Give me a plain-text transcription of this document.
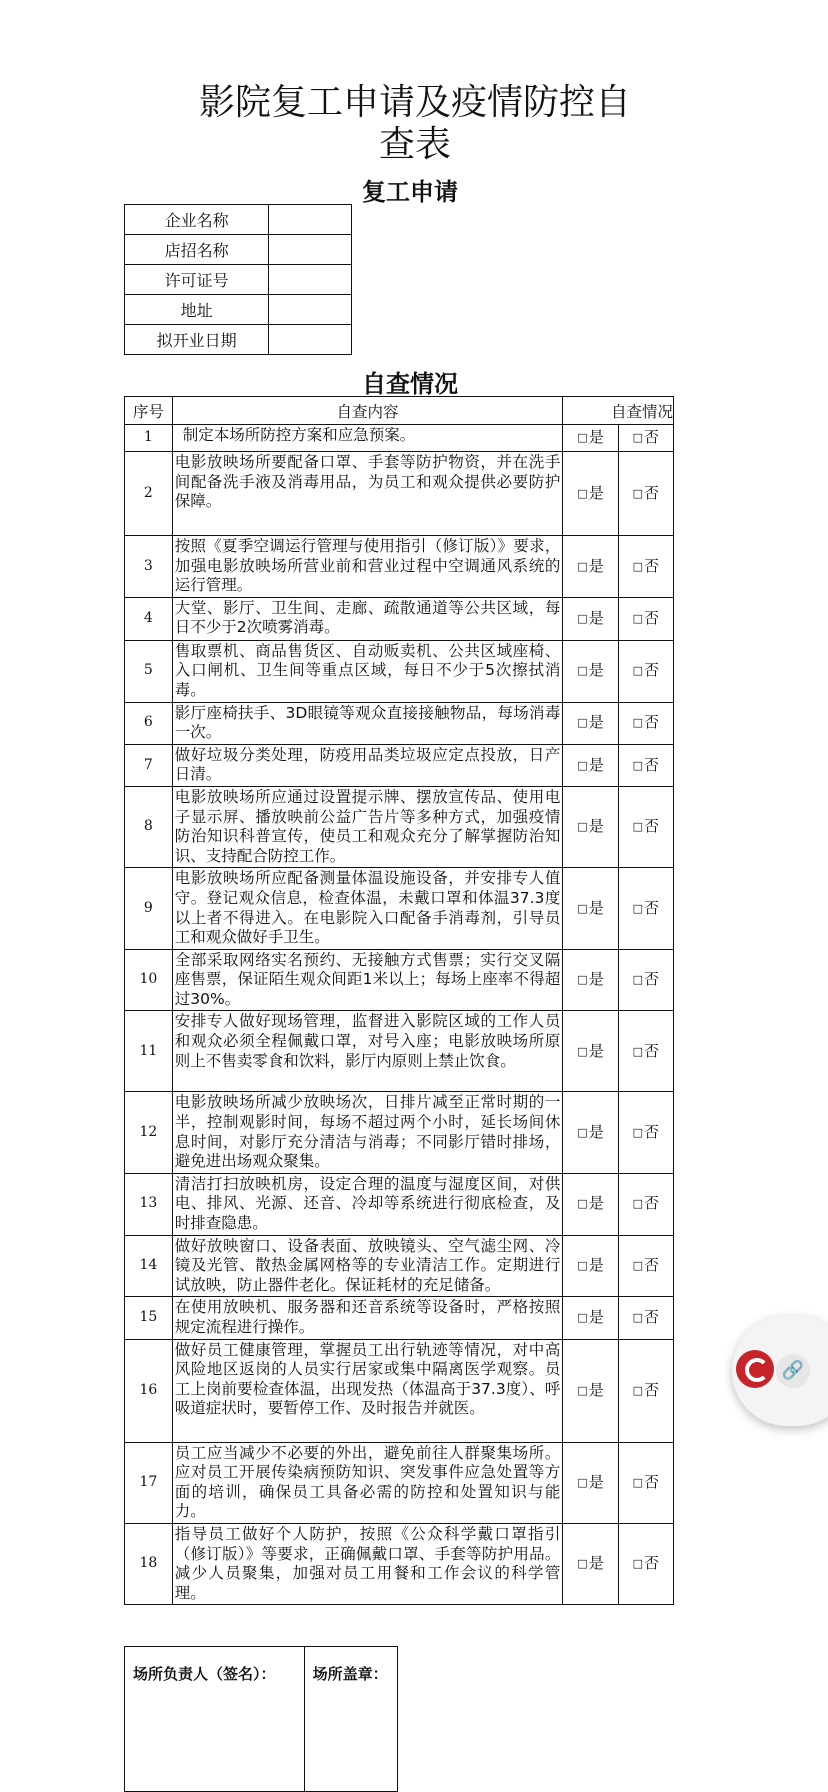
影院复工申请及疫情防控自
查表
复工申请
企业名称	
店招名称	
许可证号	
地址	
拟开业日期	
自查情况
序号	自查内容	自查情况	
1	制定本场所防控方案和应急预案。	□是	□否
2	电影放映场所要配备口罩、手套等防护物资，并在洗手间配备洗手液及消毒用品，为员工和观众提供必要防护保障。	□是	□否
3	按照《夏季空调运行管理与使用指引（修订版）》要求，加强电影放映场所营业前和营业过程中空调通风系统的运行管理。	□是	□否
4	大堂、影厅、卫生间、走廊、疏散通道等公共区域，每日不少于2次喷雾消毒。	□是	□否
5	售取票机、商品售货区、自动贩卖机、公共区域座椅、入口闸机、卫生间等重点区域，每日不少于5次擦拭消毒。	□是	□否
6	影厅座椅扶手、3D眼镜等观众直接接触物品，每场消毒一次。	□是	□否
7	做好垃圾分类处理，防疫用品类垃圾应定点投放，日产日清。	□是	□否
8	电影放映场所应通过设置提示牌、摆放宣传品、使用电子显示屏、播放映前公益广告片等多种方式，加强疫情防治知识科普宣传，使员工和观众充分了解掌握防治知识、支持配合防控工作。	□是	□否
9	电影放映场所应配备测量体温设施设备，并安排专人值守。登记观众信息，检查体温，未戴口罩和体温37.3度以上者不得进入。在电影院入口配备手消毒剂，引导员工和观众做好手卫生。	□是	□否
10	全部采取网络实名预约、无接触方式售票；实行交叉隔座售票，保证陌生观众间距1米以上；每场上座率不得超过30%。	□是	□否
11	安排专人做好现场管理，监督进入影院区域的工作人员和观众必须全程佩戴口罩，对号入座；电影放映场所原则上不售卖零食和饮料，影厅内原则上禁止饮食。	□是	□否
12	电影放映场所减少放映场次，日排片减至正常时期的一半，控制观影时间，每场不超过两个小时，延长场间休息时间，对影厅充分清洁与消毒；不同影厅错时排场，避免进出场观众聚集。	□是	□否
13	清洁打扫放映机房，设定合理的温度与湿度区间，对供电、排风、光源、还音、冷却等系统进行彻底检查，及时排查隐患。	□是	□否
14	做好放映窗口、设备表面、放映镜头、空气滤尘网、冷镜及光管、散热金属网格等的专业清洁工作。定期进行试放映，防止器件老化。保证耗材的充足储备。	□是	□否
15	在使用放映机、服务器和还音系统等设备时，严格按照规定流程进行操作。	□是	□否
16	做好员工健康管理，掌握员工出行轨迹等情况，对中高风险地区返岗的人员实行居家或集中隔离医学观察。员工上岗前要检查体温，出现发热（体温高于37.3度）、呼吸道症状时，要暂停工作、及时报告并就医。	□是	□否
17	员工应当减少不必要的外出，避免前往人群聚集场所。应对员工开展传染病预防知识、突发事件应急处置等方面的培训，确保员工具备必需的防控和处置知识与能力。	□是	□否
18	指导员工做好个人防护，按照《公众科学戴口罩指引（修订版）》等要求，正确佩戴口罩、手套等防护用品。减少人员聚集，加强对员工用餐和工作会议的科学管理。	□是	□否
场所负责人（签名）：	场所盖章：
🔗
